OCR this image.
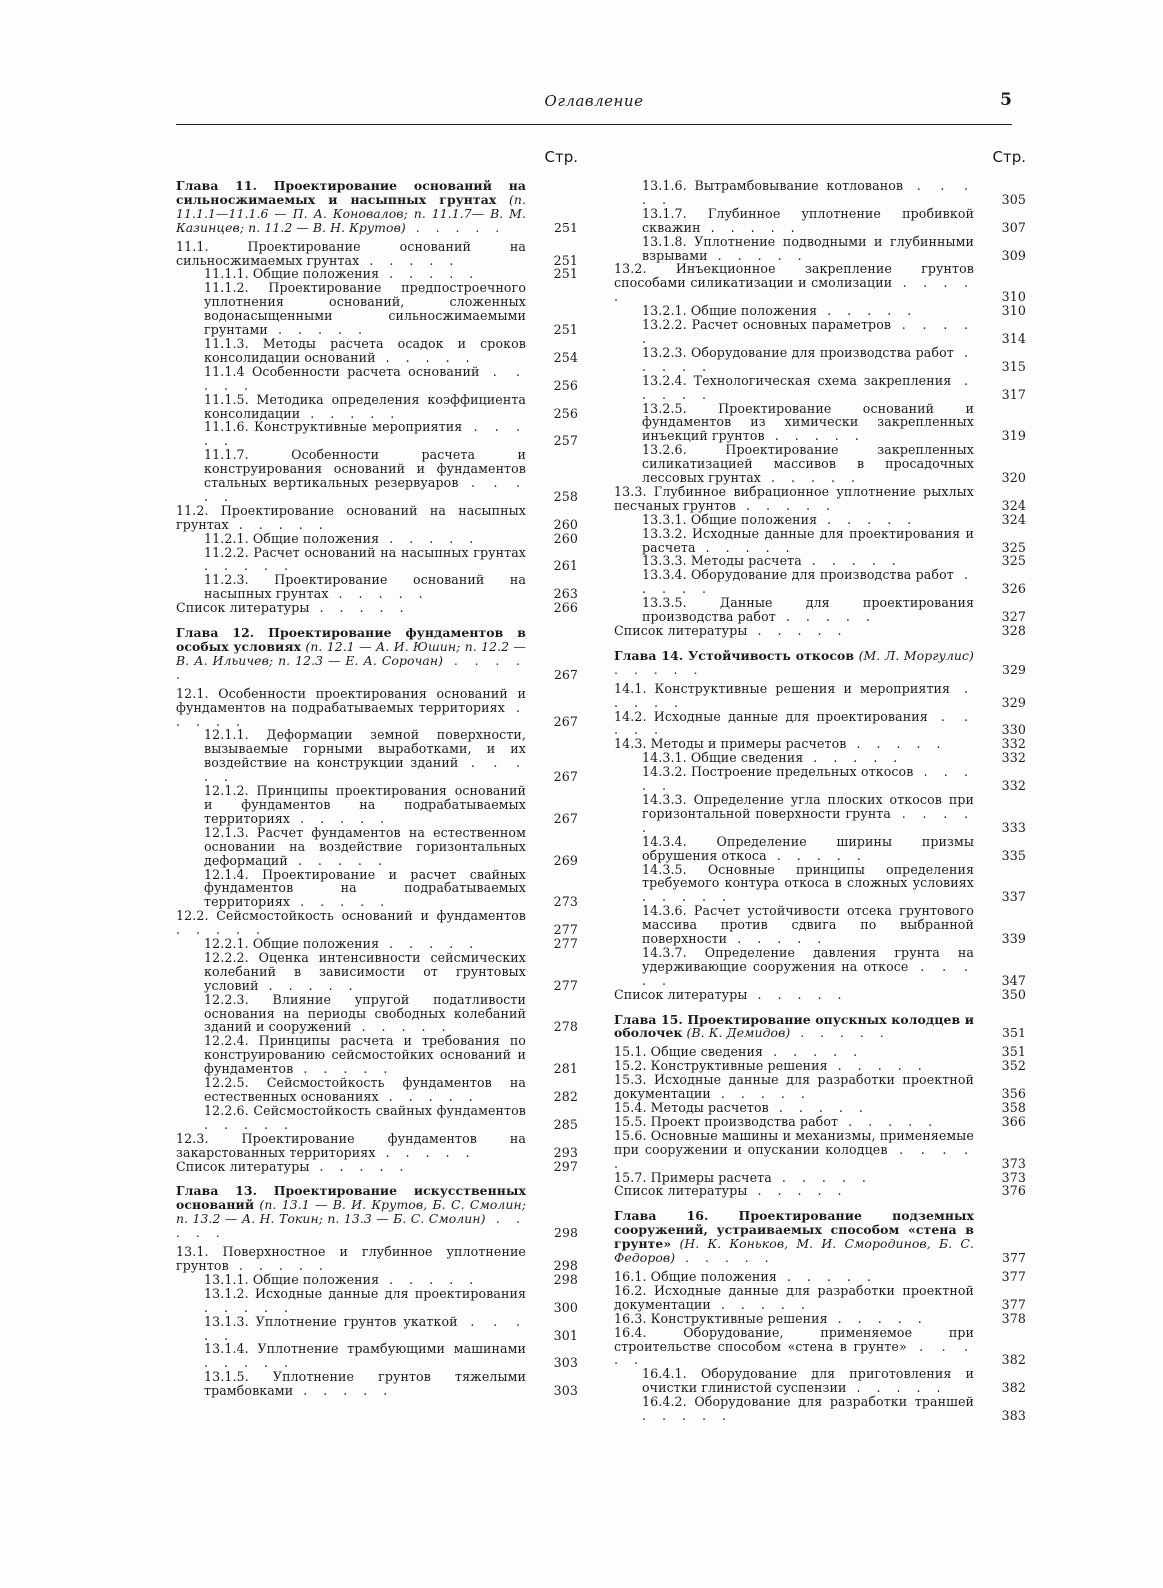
Оглавление	5
Стр.
Глава 11. Проектирование оснований на сильносжимаемых и насыпных грунтах (п. 11.1.1—11.1.6 — П. А. Коновалов; п. 11.1.7— В. М. Казинцев; п. 11.2 — В. Н. Крутов) . . . . .	251
11.1. Проектирование оснований на сильносжимаемых грунтах . . . . .	251
11.1.1. Общие положения . . . . .	251
11.1.2. Проектирование предпостроечного уплотнения оснований, сложенных водонасыщенными сильносжимаемыми грунтами . . . . .	251
11.1.3. Методы расчета осадок и сроков консолидации оснований . . . . .	254
11.1.4 Особенности расчета оснований . . . . .	256
11.1.5. Методика определения коэффициента консолидации . . . . .	256
11.1.6. Конструктивные мероприятия . . . . .	257
11.1.7. Особенности расчета и конструирования оснований и фундаментов стальных вертикальных резервуаров . . . . .	258
11.2. Проектирование оснований на насыпных грунтах . . . . .	260
11.2.1. Общие положения . . . . .	260
11.2.2. Расчет оснований на насыпных грунтах . . . . .	261
11.2.3. Проектирование оснований на насыпных грунтах . . . . .	263
Список литературы . . . . .	266
Глава 12. Проектирование фундаментов в особых условиях (п. 12.1 — А. И. Юшин; п. 12.2 — В. А. Ильичев; п. 12.3 — Е. А. Сорочан) . . . . .	267
12.1. Особенности проектирования оснований и фундаментов на подрабатываемых территориях . . . . .	267
12.1.1. Деформации земной поверхности, вызываемые горными выработками, и их воздействие на конструкции зданий . . . . .	267
12.1.2. Принципы проектирования оснований и фундаментов на подрабатываемых территориях . . . . .	267
12.1.3. Расчет фундаментов на естественном основании на воздействие горизонтальных деформаций . . . . .	269
12.1.4. Проектирование и расчет свайных фундаментов на подрабатываемых территориях . . . . .	273
12.2. Сейсмостойкость оснований и фундаментов . . . . .	277
12.2.1. Общие положения . . . . .	277
12.2.2. Оценка интенсивности сейсмических колебаний в зависимости от грунтовых условий . . . . .	277
12.2.3. Влияние упругой податливости основания на периоды свободных колебаний зданий и сооружений . . . . .	278
12.2.4. Принципы расчета и требования по конструированию сейсмостойких оснований и фундаментов . . . . .	281
12.2.5. Сейсмостойкость фундаментов на естественных основаниях . . . . .	282
12.2.6. Сейсмостойкость свайных фундаментов . . . . .	285
12.3. Проектирование фундаментов на закарстованных территориях . . . . .	293
Список литературы . . . . .	297
Глава 13. Проектирование искусственных оснований (п. 13.1 — В. И. Крутов, Б. С. Смолин; п. 13.2 — А. Н. Токин; п. 13.3 — Б. С. Смолин) . . . . .	298
13.1. Поверхностное и глубинное уплотнение грунтов . . . . .	298
13.1.1. Общие положения . . . . .	298
13.1.2. Исходные данные для проектирования . . . . .	300
13.1.3. Уплотнение грунтов укаткой . . . . .	301
13.1.4. Уплотнение трамбующими машинами . . . . .	303
13.1.5. Уплотнение грунтов тяжелыми трамбовками . . . . .	303
Стр.
13.1.6. Вытрамбовывание котлованов . . . . .	305
13.1.7. Глубинное уплотнение пробивкой скважин . . . . .	307
13.1.8. Уплотнение подводными и глубинными взрывами . . . . .	309
13.2. Инъекционное закрепление грунтов способами силикатизации и смолизации . . . . .	310
13.2.1. Общие положения . . . . .	310
13.2.2. Расчет основных параметров . . . . .	314
13.2.3. Оборудование для производства работ . . . . .	315
13.2.4. Технологическая схема закрепления . . . . .	317
13.2.5. Проектирование оснований и фундаментов из химически закрепленных инъекций грунтов . . . . .	319
13.2.6. Проектирование закрепленных силикатизацией массивов в просадочных лессовых грунтах . . . . .	320
13.3. Глубинное вибрационное уплотнение рыхлых песчаных грунтов . . . . .	324
13.3.1. Общие положения . . . . .	324
13.3.2. Исходные данные для проектирования и расчета . . . . .	325
13.3.3. Методы расчета . . . . .	325
13.3.4. Оборудование для производства работ . . . . .	326
13.3.5. Данные для проектирования производства работ . . . . .	327
Список литературы . . . . .	328
Глава 14. Устойчивость откосов (М. Л. Моргулис) . . . . .	329
14.1. Конструктивные решения и мероприятия . . . . .	329
14.2. Исходные данные для проектирования . . . . .	330
14.3. Методы и примеры расчетов . . . . .	332
14.3.1. Общие сведения . . . . .	332
14.3.2. Построение предельных откосов . . . . .	332
14.3.3. Определение угла плоских откосов при горизонтальной поверхности грунта . . . . .	333
14.3.4. Определение ширины призмы обрушения откоса . . . . .	335
14.3.5. Основные принципы определения требуемого контура откоса в сложных условиях . . . . .	337
14.3.6. Расчет устойчивости отсека грунтового массива против сдвига по выбранной поверхности . . . . .	339
14.3.7. Определение давления грунта на удерживающие сооружения на откосе . . . . .	347
Список литературы . . . . .	350
Глава 15. Проектирование опускных колодцев и оболочек (В. К. Демидов) . . . . .	351
15.1. Общие сведения . . . . .	351
15.2. Конструктивные решения . . . . .	352
15.3. Исходные данные для разработки проектной документации . . . . .	356
15.4. Методы расчетов . . . . .	358
15.5. Проект производства работ . . . . .	366
15.6. Основные машины и механизмы, применяемые при сооружении и опускании колодцев . . . . .	373
15.7. Примеры расчета . . . . .	373
Список литературы . . . . .	376
Глава 16. Проектирование подземных сооружений, устраиваемых способом «стена в грунте» (Н. К. Коньков, М. И. Смородинов, Б. С. Федоров) . . . . .	377
16.1. Общие положения . . . . .	377
16.2. Исходные данные для разработки проектной документации . . . . .	377
16.3. Конструктивные решения . . . . .	378
16.4. Оборудование, применяемое при строительстве способом «стена в грунте» . . . . .	382
16.4.1. Оборудование для приготовления и очистки глинистой суспензии . . . . .	382
16.4.2. Оборудование для разработки траншей . . . . .	383
